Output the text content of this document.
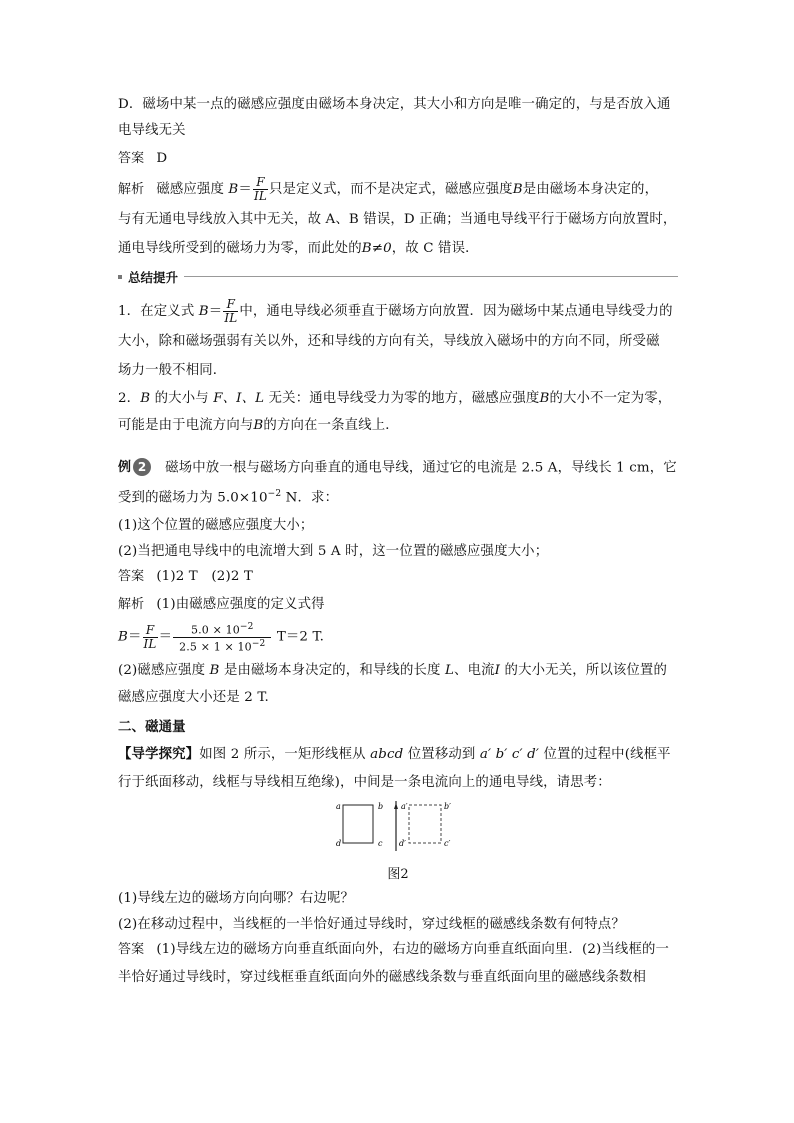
D．磁场中某一点的磁感应强度由磁场本身决定，其大小和方向是唯一确定的，与是否放入通电导线无关

答案 D

解析 磁感应强度 $B= \frac{F}{IL}$ 只是定义式，而不是决定式，磁感应强度B是由磁场本身决定的，

与有无通电导线放入其中无关，故 A、B 错误，D 正确；当通电导线平行于磁场方向放置时，

通电导线所受到的磁场力为零，而此处的B≠0，故 C 错误．

总结提升

1．在定义式 $B= \frac{F}{IL}$ 中，通电导线必须垂直于磁场方向放置．因为磁场中某点通电导线受力的

大小，除和磁场强弱有关以外，还和导线的方向有关，导线放入磁场中的方向不同，所受磁

场力一般不相同．

2．B 的大小与 F、I、L 无关：通电导线受力为零的地方，磁感应强度B的大小不一定为零，

可能是由于电流方向与B的方向在一条直线上．

例 2	磁场中放一根与磁场方向垂直的通电导线，通过它的电流是 2.5 A，导线长 1 cm，它

受到的磁场力为 $5.0\times 10^{-2}$ N．求：

(1)这个位置的磁感应强度大小；

(2)当把通电导线中的电流增大到 5 A 时，这一位置的磁感应强度大小；

答案 (1)2 T　(2)2 T

解析 (1)由磁感应强度的定义式得

$B= \frac{F}{IL} = \frac{5.0 \times 10^{-2}}{2.5 \times 1 \times 10^{-2}} T=2$ T.

(2)磁感应强度 B 是由磁场本身决定的，和导线的长度 L、电流I 的大小无关，所以该位置的

磁感应强度大小还是 2 T.

二、磁通量

【导学探究】如图 2 所示，一矩形线框从 abcd 位置移动到 a′ b′ c′ d′ 位置的过程中(线框平

行于纸面移动，线框与导线相互绝缘)，中间是一条电流向上的通电导线，请思考：

a	b
c
d
a′	b′
c′
d′
图2

(1)导线左边的磁场方向向哪？右边呢？

(2)在移动过程中，当线框的一半恰好通过导线时，穿过线框的磁感线条数有何特点？

答案 (1)导线左边的磁场方向垂直纸面向外，右边的磁场方向垂直纸面向里．(2)当线框的一

半恰好通过导线时，穿过线框垂直纸面向外的磁感线条数与垂直纸面向里的磁感线条数相
